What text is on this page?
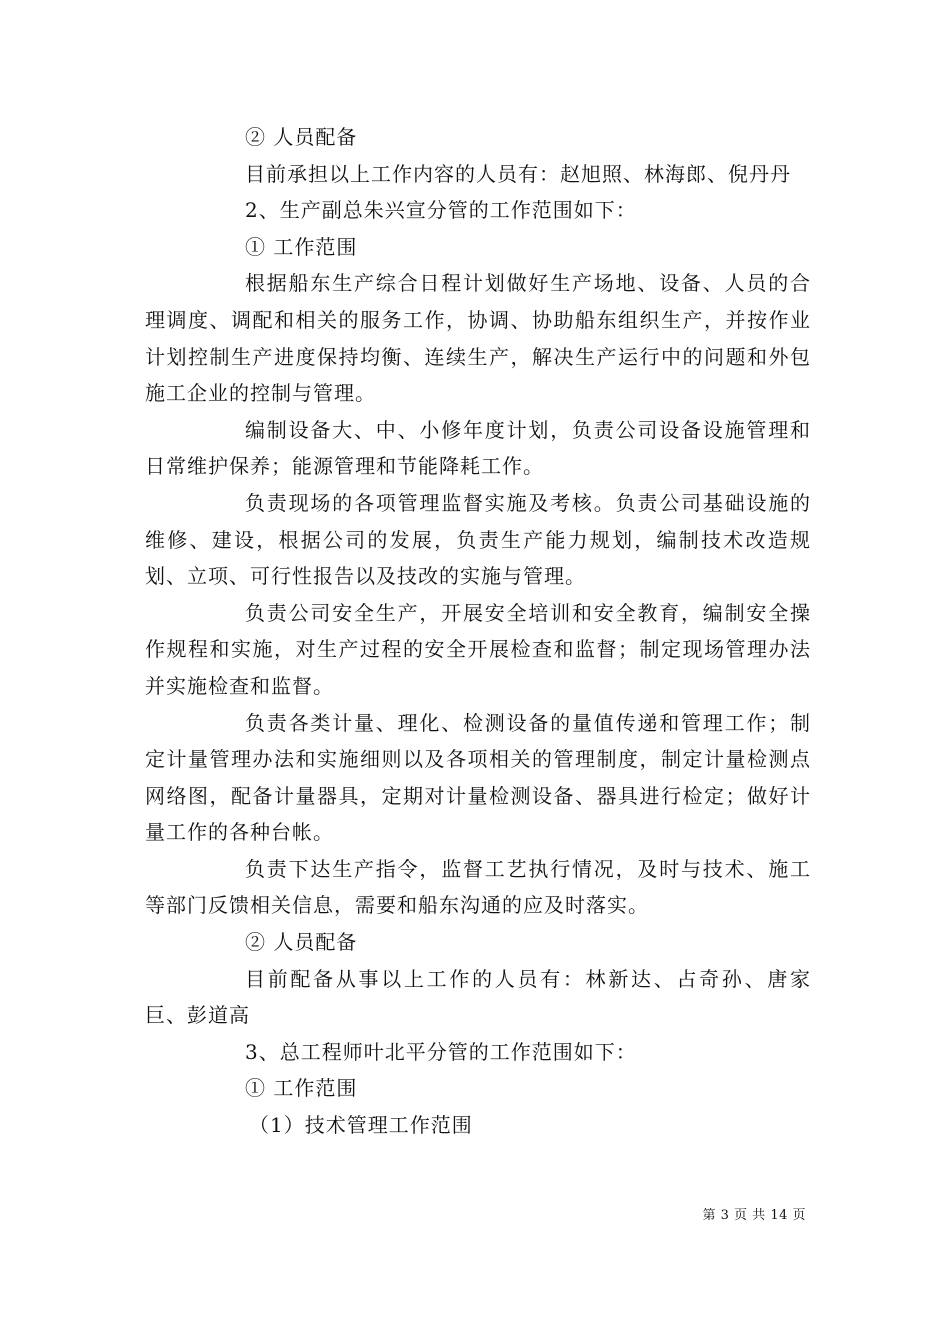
② 人员配备

目前承担以上工作内容的人员有：赵旭照、林海郎、倪丹丹

2、生产副总朱兴宣分管的工作范围如下：

① 工作范围

根据船东生产综合日程计划做好生产场地、设备、人员的合理调度、调配和相关的服务工作，协调、协助船东组织生产，并按作业计划控制生产进度保持均衡、连续生产，解决生产运行中的问题和外包施工企业的控制与管理。

编制设备大、中、小修年度计划，负责公司设备设施管理和日常维护保养；能源管理和节能降耗工作。

负责现场的各项管理监督实施及考核。负责公司基础设施的维修、建设，根据公司的发展，负责生产能力规划，编制技术改造规划、立项、可行性报告以及技改的实施与管理。

负责公司安全生产，开展安全培训和安全教育，编制安全操作规程和实施，对生产过程的安全开展检查和监督；制定现场管理办法并实施检查和监督。

负责各类计量、理化、检测设备的量值传递和管理工作；制定计量管理办法和实施细则以及各项相关的管理制度，制定计量检测点网络图，配备计量器具，定期对计量检测设备、器具进行检定；做好计量工作的各种台帐。

负责下达生产指令，监督工艺执行情况，及时与技术、施工等部门反馈相关信息，需要和船东沟通的应及时落实。

② 人员配备

目前配备从事以上工作的人员有：林新达、占奇孙、唐家巨、彭道高

3、总工程师叶北平分管的工作范围如下：

① 工作范围

（1）技术管理工作范围

第 3 页 共 14 页
